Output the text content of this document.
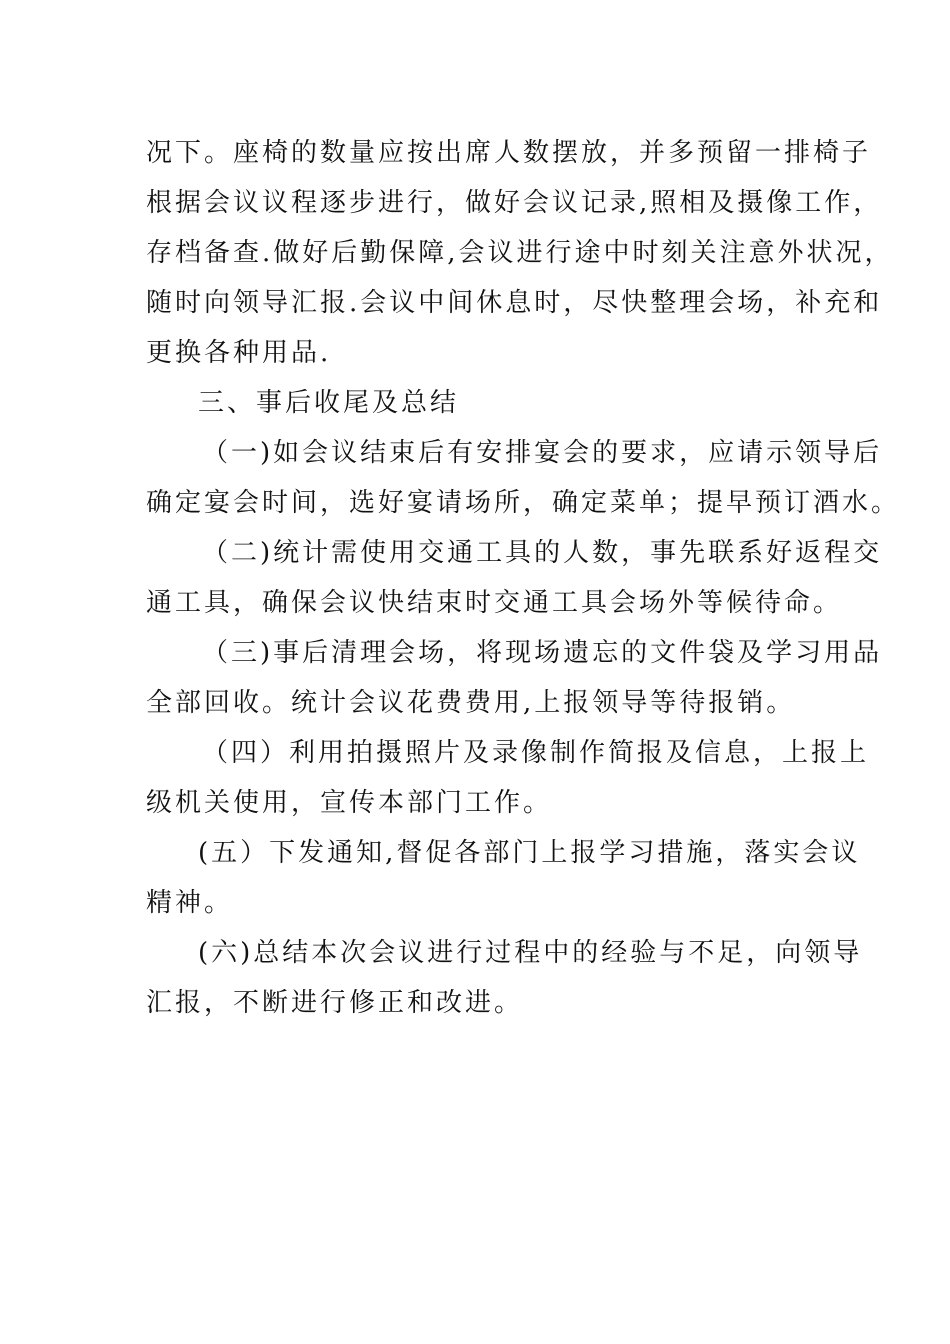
况下。座椅的数量应按出席人数摆放，并多预留一排椅子
根据会议议程逐步进行，做好会议记录,照相及摄像工作，
存档备查.做好后勤保障,会议进行途中时刻关注意外状况，
随时向领导汇报.会议中间休息时，尽快整理会场，补充和
更换各种用品.
三、事后收尾及总结
（一)如会议结束后有安排宴会的要求，应请示领导后
确定宴会时间，选好宴请场所，确定菜单；提早预订酒水。
（二)统计需使用交通工具的人数，事先联系好返程交
通工具，确保会议快结束时交通工具会场外等候待命。
（三)事后清理会场，将现场遗忘的文件袋及学习用品
全部回收。统计会议花费费用,上报领导等待报销。
（四）利用拍摄照片及录像制作简报及信息，上报上
级机关使用，宣传本部门工作。
(五）下发通知,督促各部门上报学习措施，落实会议
精神。
(六)总结本次会议进行过程中的经验与不足，向领导
汇报，不断进行修正和改进。
